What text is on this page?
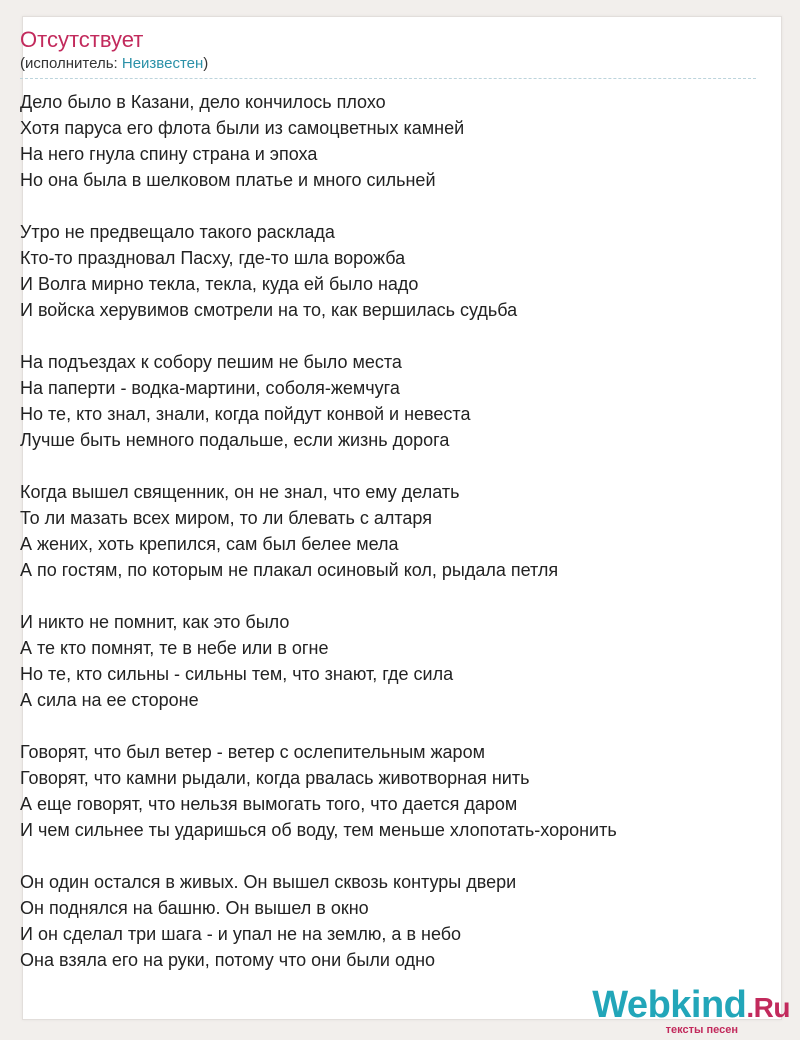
Отсутствует
(исполнитель: Неизвестен)
Дело было в Казани, дело кончилось плохо
Хотя паруса его флота были из самоцветных камней
На него гнула спину страна и эпоха
Но она была в шелковом платье и много сильней
Утро не предвещало такого расклада
Кто-то праздновал Пасху, где-то шла ворожба
И Волга мирно текла, текла, куда ей было надо
И войска херувимов смотрели на то, как вершилась судьба
На подъездах к собору пешим не было места
На паперти - водка-мартини, соболя-жемчуга
Но те, кто знал, знали, когда пойдут конвой и невеста
Лучше быть немного подальше, если жизнь дорога
Когда вышел священник, он не знал, что ему делать
То ли мазать всех миром, то ли блевать с алтаря
А жених, хоть крепился, сам был белее мела
А по гостям, по которым не плакал осиновый кол, рыдала петля
И никто не помнит, как это было
А те кто помнят, те в небе или в огне
Но те, кто сильны - сильны тем, что знают, где сила
А сила на ее стороне
Говорят, что был ветер - ветер с ослепительным жаром
Говорят, что камни рыдали, когда рвалась животворная нить
А еще говорят, что нельзя вымогать того, что дается даром
И чем сильнее ты ударишься об воду, тем меньше хлопотать-хоронить
Он один остался в живых. Он вышел сквозь контуры двери
Он поднялся на башню. Он вышел в окно
И он сделал три шага - и упал не на землю, а в небо
Она взяла его на руки, потому что они были одно
Webkind.Ru
тексты песен
